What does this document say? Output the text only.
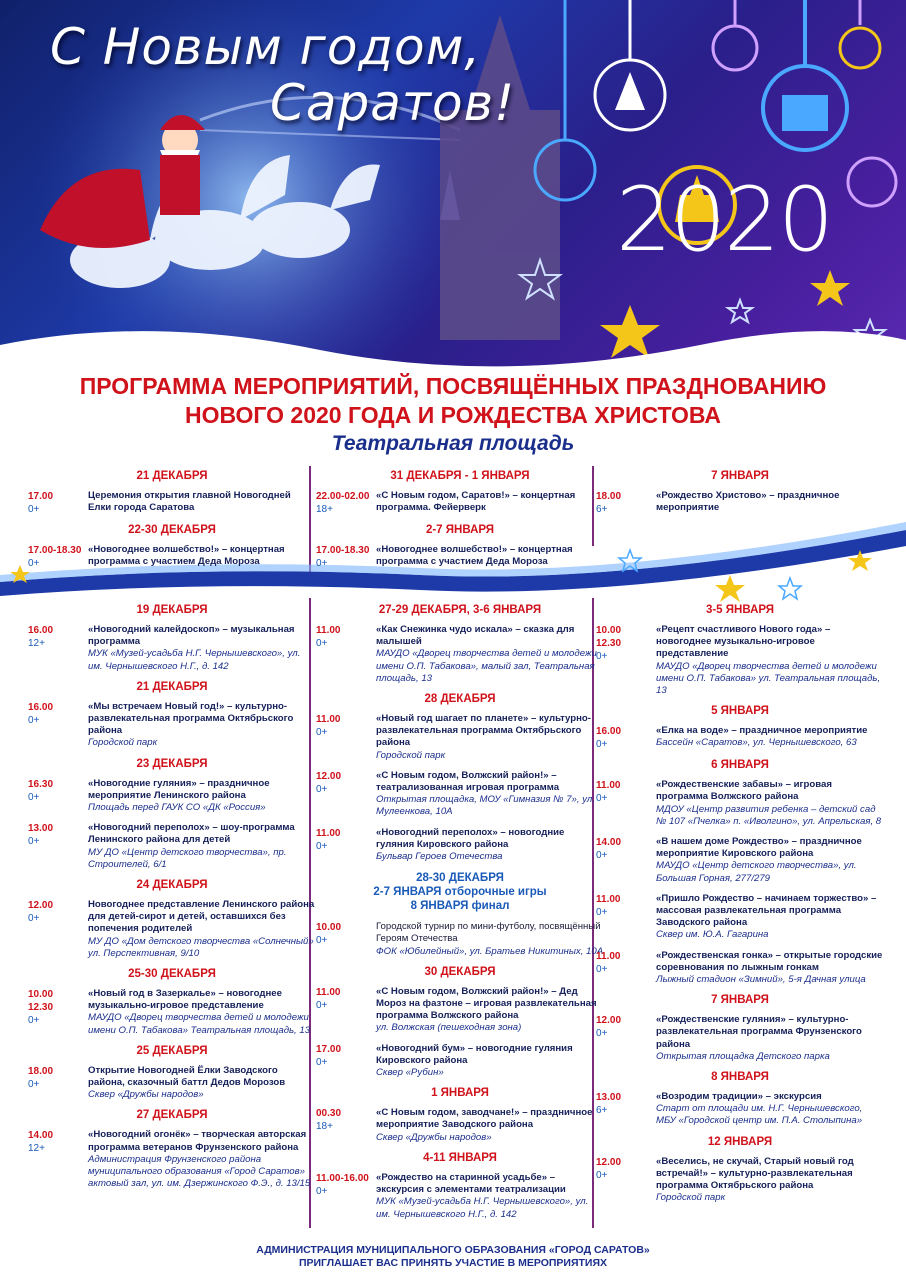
С Новым годом,
Саратов!
2020
ПРОГРАММА МЕРОПРИЯТИЙ, ПОСВЯЩЁННЫХ ПРАЗДНОВАНИЮ
НОВОГО 2020 ГОДА И РОЖДЕСТВА ХРИСТОВА
Театральная площадь
21 ДЕКАБРЯ
17.00
0+
Церемония открытия главной Новогодней Елки города Саратова
22-30 ДЕКАБРЯ
17.00-18.30
0+
«Новогоднее волшебство!» – концертная программа с участием Деда Мороза
31 ДЕКАБРЯ - 1 ЯНВАРЯ
22.00-02.00
18+
«С Новым годом, Саратов!» – концертная программа. Фейерверк
2-7 ЯНВАРЯ
17.00-18.30
0+
«Новогоднее волшебство!» – концертная программа с участием Деда Мороза
7 ЯНВАРЯ
18.00
6+
«Рождество Христово» – праздничное мероприятие
19 ДЕКАБРЯ
16.00
12+
«Новогодний калейдоскоп» – музыкальная программа
МУК «Музей-усадьба Н.Г. Чернышевского», ул. им. Чернышевского Н.Г., д. 142
21 ДЕКАБРЯ
16.00
0+
«Мы встречаем Новый год!» – культурно-развлекательная программа Октябрьского района
Городской парк
23 ДЕКАБРЯ
16.30
0+
«Новогодние гуляния» – праздничное мероприятие Ленинского района
Площадь перед ГАУК СО «ДК «Россия»
13.00
0+
«Новогодний переполох» – шоу-программа Ленинского района для детей
МУ ДО «Центр детского творчества», пр. Строителей, 6/1
24 ДЕКАБРЯ
12.00
0+
Новогоднее представление Ленинского района для детей-сирот и детей, оставшихся без попечения родителей
МУ ДО «Дом детского творчества «Солнечный» ул. Перспективная, 9/10
25-30 ДЕКАБРЯ
10.00
12.30
0+
«Новый год в Зазеркалье» – новогоднее музыкально-игровое представление
МАУДО «Дворец творчества детей и молодежи имени О.П. Табакова» Театральная площадь, 13
25 ДЕКАБРЯ
18.00
0+
Открытие Новогодней Ёлки Заводского района, сказочный баттл Дедов Морозов
Сквер «Дружбы народов»
27 ДЕКАБРЯ
14.00
12+
«Новогодний огонёк» – творческая авторская программа ветеранов Фрунзенского района
Администрация Фрунзенского района муниципального образования «Город Саратов» актовый зал, ул. им. Дзержинского Ф.Э., д. 13/15
27-29 ДЕКАБРЯ, 3-6 ЯНВАРЯ
11.00
0+
«Как Снежинка чудо искала» – сказка для малышей
МАУДО «Дворец творчества детей и молодежи имени О.П. Табакова», малый зал, Театральная площадь, 13
28 ДЕКАБРЯ
11.00
0+
«Новый год шагает по планете» – культурно-развлекательная программа Октябрьского района
Городской парк
12.00
0+
«С Новым годом, Волжский район!» – театрализованная игровая программа
Открытая площадка, МОУ «Гимназия № 7», ул. Мулеенкова, 10А
11.00
0+
«Новогодний переполох» – новогодние гуляния Кировского района
Бульвар Героев Отечества
28-30 ДЕКАБРЯ
2-7 ЯНВАРЯ отборочные игры
8 ЯНВАРЯ финал
10.00
0+
Городской турнир по мини-футболу, посвящённый Героям Отечества
ФОК «Юбилейный», ул. Братьев Никитиных, 10А
30 ДЕКАБРЯ
11.00
0+
«С Новым годом, Волжский район!» – Дед Мороз на фазтоне – игровая развлекательная программа Волжского района
ул. Волжская (пешеходная зона)
17.00
0+
«Новогодний бум» – новогодние гуляния Кировского района
Сквер «Рубин»
1 ЯНВАРЯ
00.30
18+
«С Новым годом, заводчане!» – праздничное мероприятие Заводского района
Сквер «Дружбы народов»
4-11 ЯНВАРЯ
11.00-16.00
0+
«Рождество на старинной усадьбе» – экскурсия с элементами театрализации
МУК «Музей-усадьба Н.Г. Чернышевского», ул. им. Чернышевского Н.Г., д. 142
3-5 ЯНВАРЯ
10.00
12.30
0+
«Рецепт счастливого Нового года» – новогоднее музыкально-игровое представление
МАУДО «Дворец творчества детей и молодежи имени О.П. Табакова» ул. Театральная площадь, 13
5 ЯНВАРЯ
16.00
0+
«Елка на воде» – праздничное мероприятие
Бассейн «Саратов», ул. Чернышевского, 63
6 ЯНВАРЯ
11.00
0+
«Рождественские забавы» – игровая программа Волжского района
МДОУ «Центр развития ребенка – детский сад № 107 «Пчелка» п. «Иволгино», ул. Апрельская, 8
14.00
0+
«В нашем доме Рождество» – праздничное мероприятие Кировского района
МАУДО «Центр детского творчества», ул. Большая Горная, 277/279
11.00
0+
«Пришло Рождество – начинаем торжество» – массовая развлекательная программа Заводского района
Сквер им. Ю.А. Гагарина
11.00
0+
«Рождественская гонка» – открытые городские соревнования по лыжным гонкам
Лыжный стадион «Зимний», 5-я Дачная улица
7 ЯНВАРЯ
12.00
0+
«Рождественские гуляния» – культурно-развлекательная программа Фрунзенского района
Открытая площадка Детского парка
8 ЯНВАРЯ
13.00
6+
«Возродим традиции» – экскурсия
Старт от площади им. Н.Г. Чернышевского, МБУ «Городской центр им. П.А. Столыпина»
12 ЯНВАРЯ
12.00
0+
«Веселись, не скучай, Старый новый год встречай!» – культурно-развлекательная программа Октябрьского района
Городской парк
АДМИНИСТРАЦИЯ МУНИЦИПАЛЬНОГО ОБРАЗОВАНИЯ «ГОРОД САРАТОВ»
ПРИГЛАШАЕТ ВАС ПРИНЯТЬ УЧАСТИЕ В МЕРОПРИЯТИЯХ
